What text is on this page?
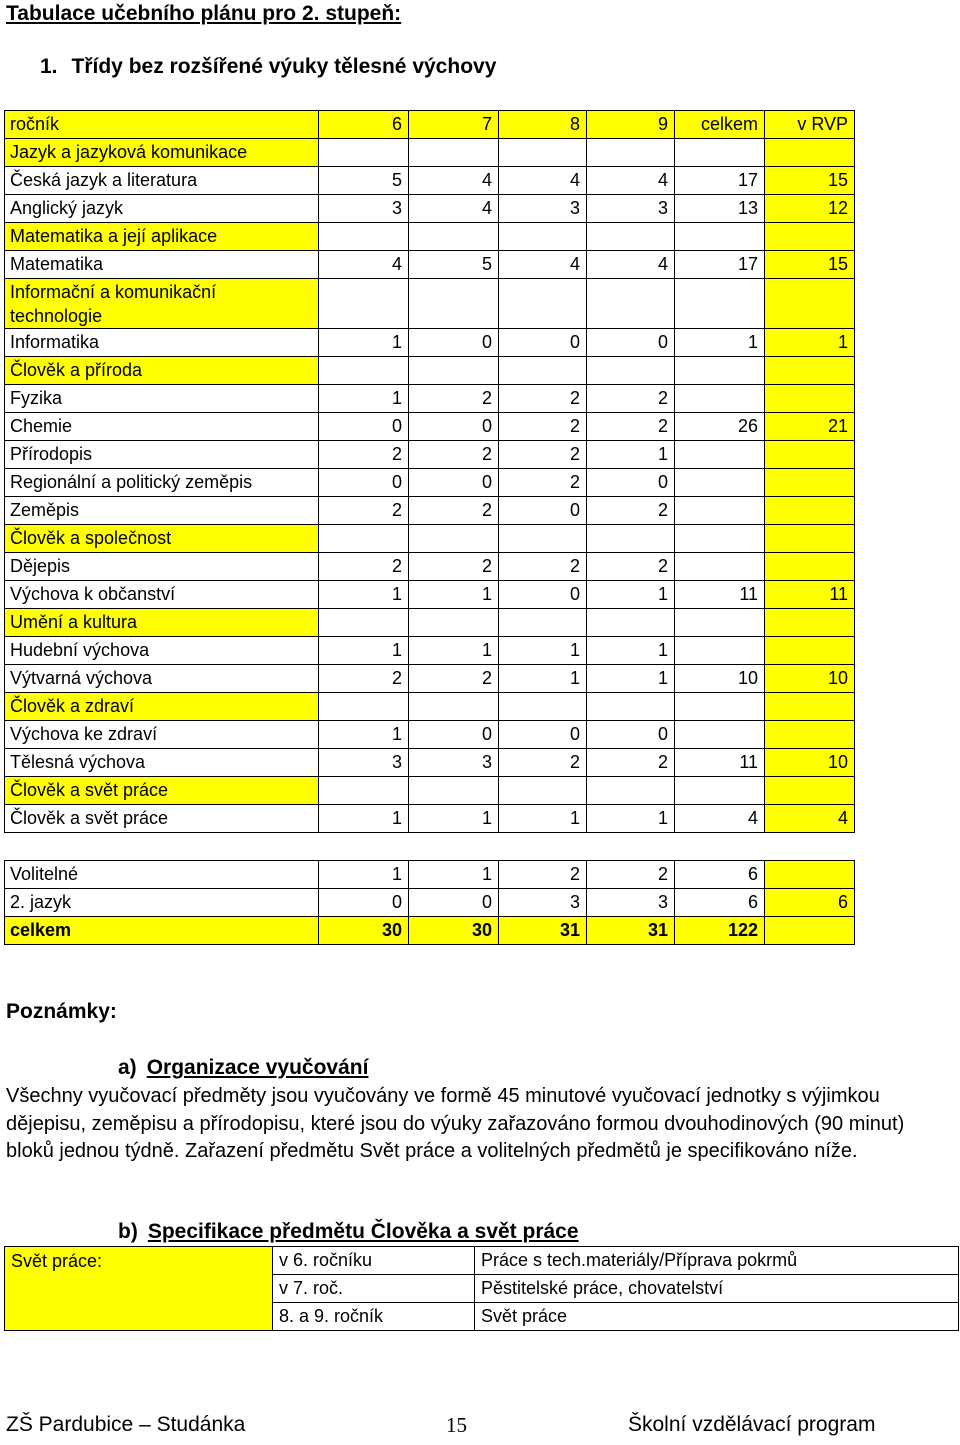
Tabulace učebního plánu pro 2. stupeň:
1. Třídy bez rozšířené výuky tělesné výchovy
ročník	6	7	8	9	celkem	v RVP
Jazyk a jazyková komunikace						
Česká jazyk a literatura	5	4	4	4	17	15
Anglický jazyk	3	4	3	3	13	12
Matematika a její aplikace						
Matematika	4	5	4	4	17	15
Informační a komunikační technologie						
Informatika	1	0	0	0	1	1
Člověk a příroda						
Fyzika	1	2	2	2		
Chemie	0	0	2	2	26	21
Přírodopis	2	2	2	1		
Regionální a politický zeměpis	0	0	2	0		
Zeměpis	2	2	0	2		
Člověk a společnost						
Dějepis	2	2	2	2		
Výchova k občanství	1	1	0	1	11	11
Umění a kultura						
Hudební výchova	1	1	1	1		
Výtvarná výchova	2	2	1	1	10	10
Člověk a zdraví						
Výchova ke zdraví	1	0	0	0		
Tělesná výchova	3	3	2	2	11	10
Člověk a svět práce						
Člověk a svět práce	1	1	1	1	4	4

Volitelné	1	1	2	2	6	
2. jazyk	0	0	3	3	6	6
celkem	30	30	31	31	122	
Poznámky:
a) Organizace vyučování
Všechny vyučovací předměty jsou vyučovány ve formě 45 minutové vyučovací jednotky s výjimkou dějepisu, zeměpisu a přírodopisu, které jsou do výuky zařazováno formou dvouhodinových (90 minut) bloků jednou týdně. Zařazení předmětu Svět práce a volitelných předmětů je specifikováno níže.
b) Specifikace předmětu Člověka a svět práce
Svět práce:	v 6. ročníku	Práce s tech.materiály/Příprava pokrmů
	v 7. roč.	Pěstitelské práce, chovatelství
	8. a 9. ročník	Svět práce
ZŠ Pardubice – Studánka	15	Školní vzdělávací program
